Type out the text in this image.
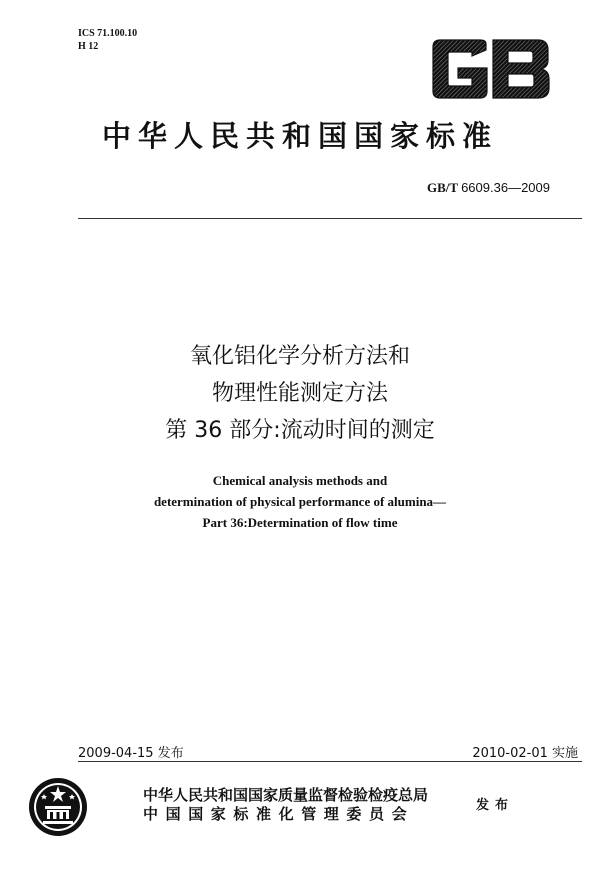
ICS 71.100.10
H 12
中华人民共和国国家标准
GB/T 6609.36—2009
氧化铝化学分析方法和
物理性能测定方法
第 36 部分:流动时间的测定
Chemical analysis methods and
determination of physical performance of alumina—
Part 36:Determination of flow time
2009-04-15 发布	2010-02-01 实施
中华人民共和国国家质量监督检验检疫总局
中国国家标准化管理委员会	发布
